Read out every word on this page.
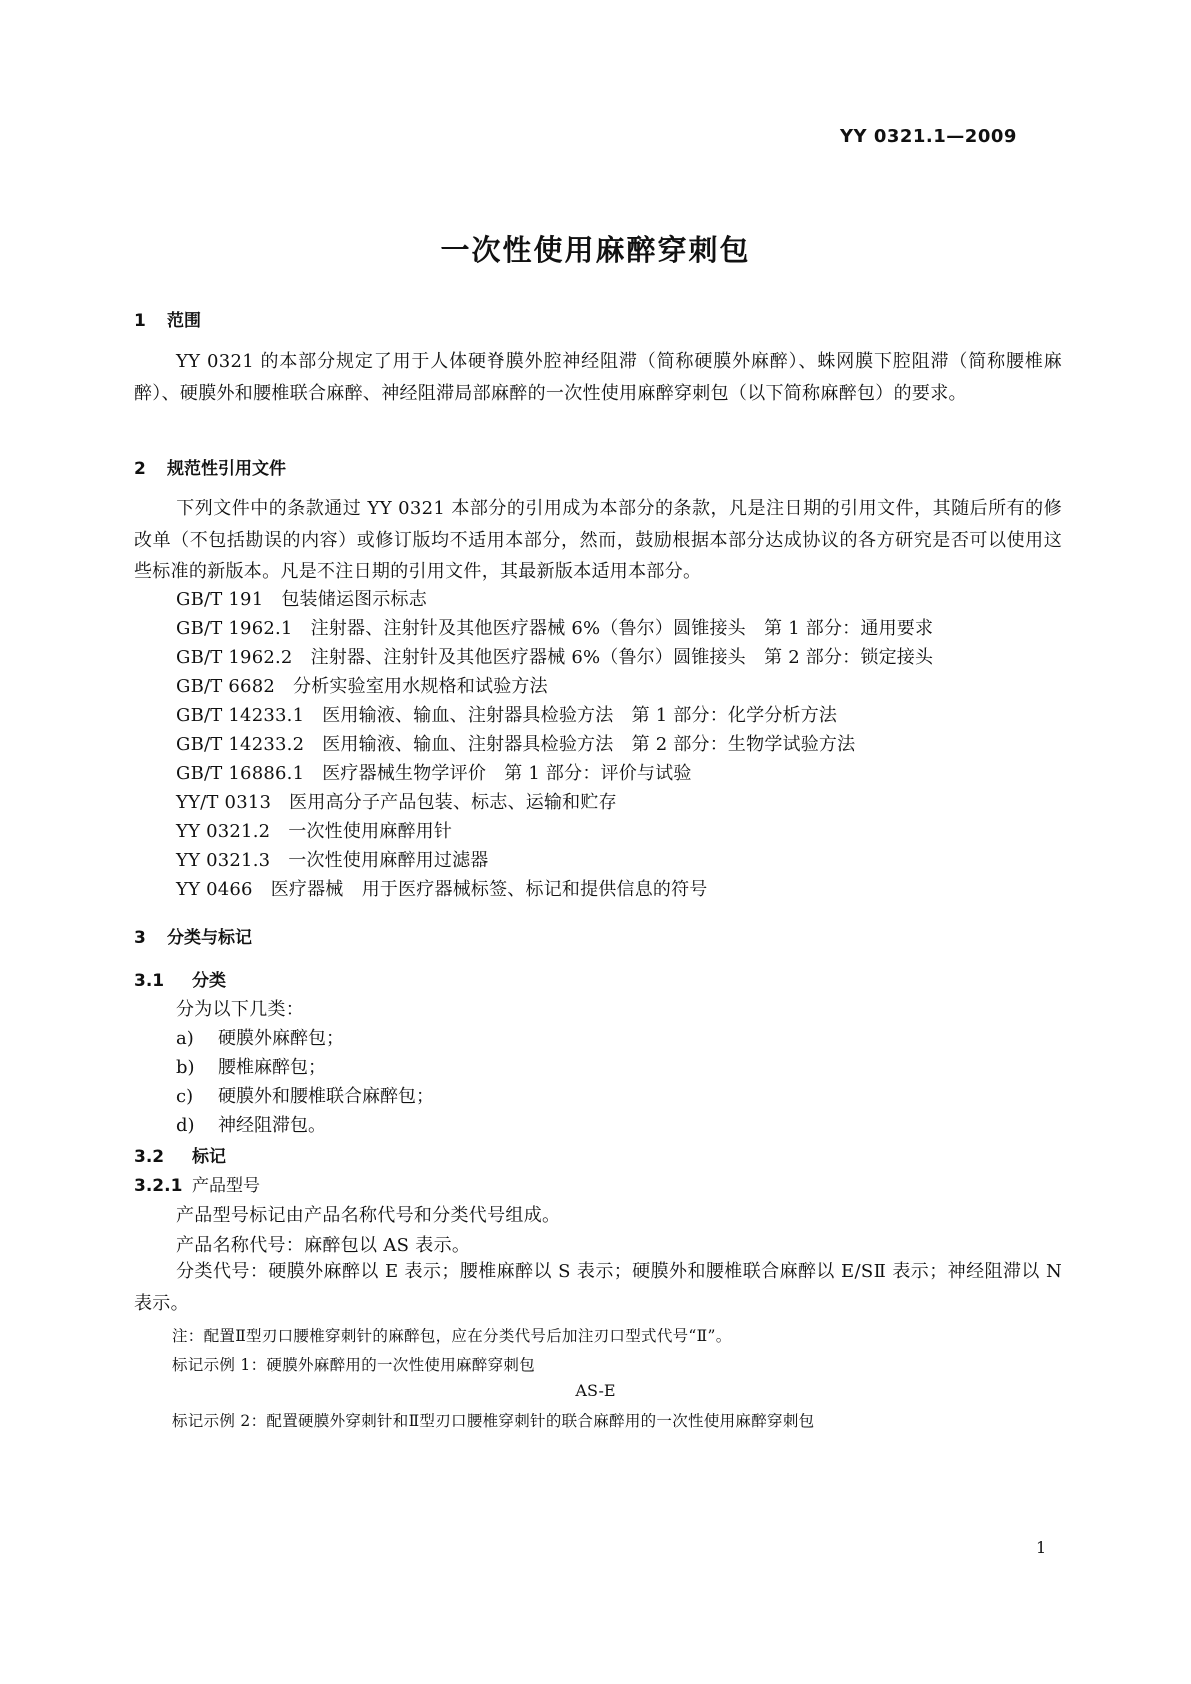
YY 0321.1—2009
一次性使用麻醉穿刺包
1 范围
YY 0321 的本部分规定了用于人体硬脊膜外腔神经阻滞（简称硬膜外麻醉）、蛛网膜下腔阻滞（简称腰椎麻醉）、硬膜外和腰椎联合麻醉、神经阻滞局部麻醉的一次性使用麻醉穿刺包（以下简称麻醉包）的要求。
2 规范性引用文件
下列文件中的条款通过 YY 0321 本部分的引用成为本部分的条款，凡是注日期的引用文件，其随后所有的修改单（不包括勘误的内容）或修订版均不适用本部分，然而，鼓励根据本部分达成协议的各方研究是否可以使用这些标准的新版本。凡是不注日期的引用文件，其最新版本适用本部分。
GB/T 191 包装储运图示标志
GB/T 1962.1 注射器、注射针及其他医疗器械 6%（鲁尔）圆锥接头　第 1 部分：通用要求
GB/T 1962.2 注射器、注射针及其他医疗器械 6%（鲁尔）圆锥接头　第 2 部分：锁定接头
GB/T 6682 分析实验室用水规格和试验方法
GB/T 14233.1 医用输液、输血、注射器具检验方法　第 1 部分：化学分析方法
GB/T 14233.2 医用输液、输血、注射器具检验方法　第 2 部分：生物学试验方法
GB/T 16886.1 医疗器械生物学评价　第 1 部分：评价与试验
YY/T 0313 医用高分子产品包装、标志、运输和贮存
YY 0321.2 一次性使用麻醉用针
YY 0321.3 一次性使用麻醉用过滤器
YY 0466 医疗器械　用于医疗器械标签、标记和提供信息的符号
3 分类与标记
3.1 分类
分为以下几类：
a) 硬膜外麻醉包；
b) 腰椎麻醉包；
c) 硬膜外和腰椎联合麻醉包；
d) 神经阻滞包。
3.2 标记
3.2.1 产品型号
产品型号标记由产品名称代号和分类代号组成。
产品名称代号：麻醉包以 AS 表示。
分类代号：硬膜外麻醉以 E 表示；腰椎麻醉以 S 表示；硬膜外和腰椎联合麻醉以 E/SⅡ 表示；神经阻滞以 N 表示。
注：配置Ⅱ型刃口腰椎穿刺针的麻醉包，应在分类代号后加注刃口型式代号“Ⅱ”。
标记示例 1：硬膜外麻醉用的一次性使用麻醉穿刺包
AS-E
标记示例 2：配置硬膜外穿刺针和Ⅱ型刃口腰椎穿刺针的联合麻醉用的一次性使用麻醉穿刺包
1
